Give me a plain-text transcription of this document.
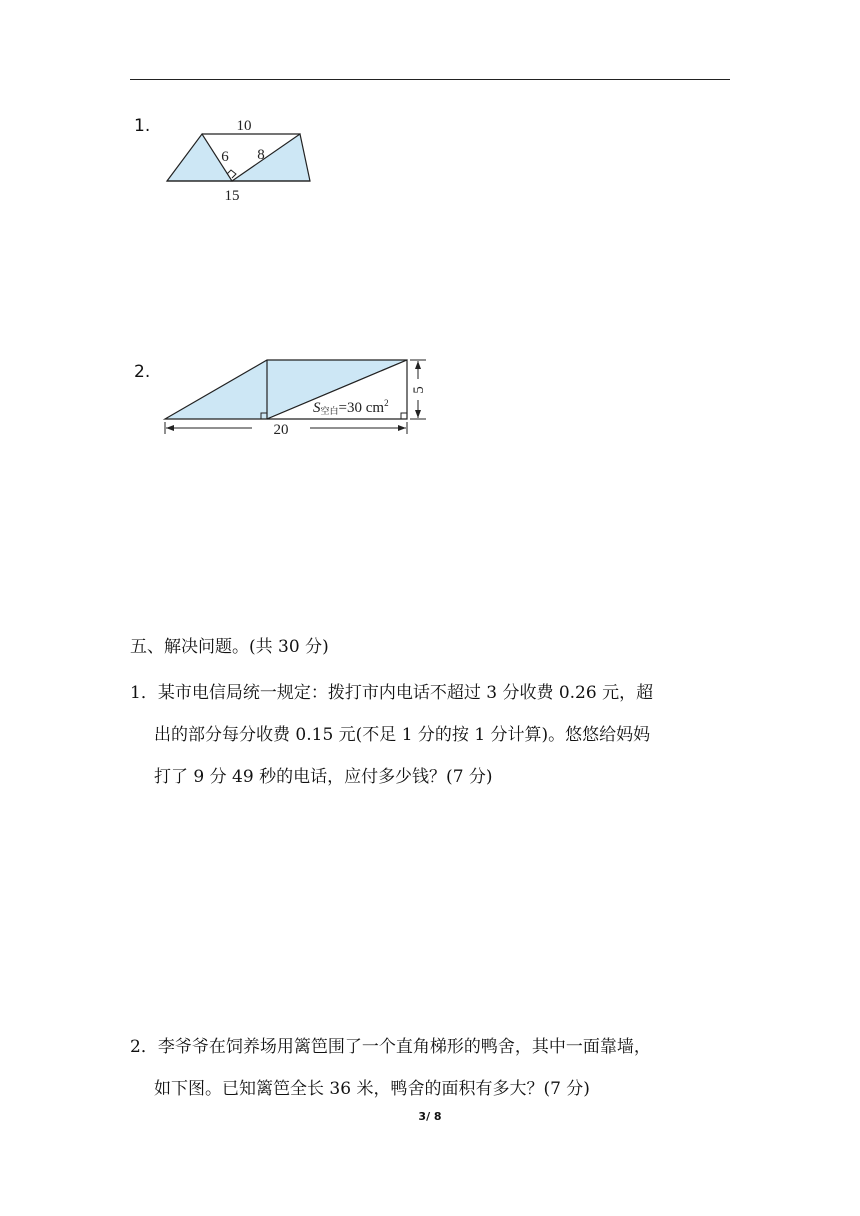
1.	10
6 8
15
2.
20
5
S空白=30 $cm^2$
五、解决问题。(共 30 分)
1．某市电信局统一规定：拨打市内电话不超过 3 分收费 0.26 元，超
出的部分每分收费 0.15 元(不足 1 分的按 1 分计算)。悠悠给妈妈
打了 9 分 49 秒的电话，应付多少钱？(7 分)
2．李爷爷在饲养场用篱笆围了一个直角梯形的鸭舍，其中一面靠墙，
如下图。已知篱笆全长 36 米，鸭舍的面积有多大？(7 分)
3/ 8
